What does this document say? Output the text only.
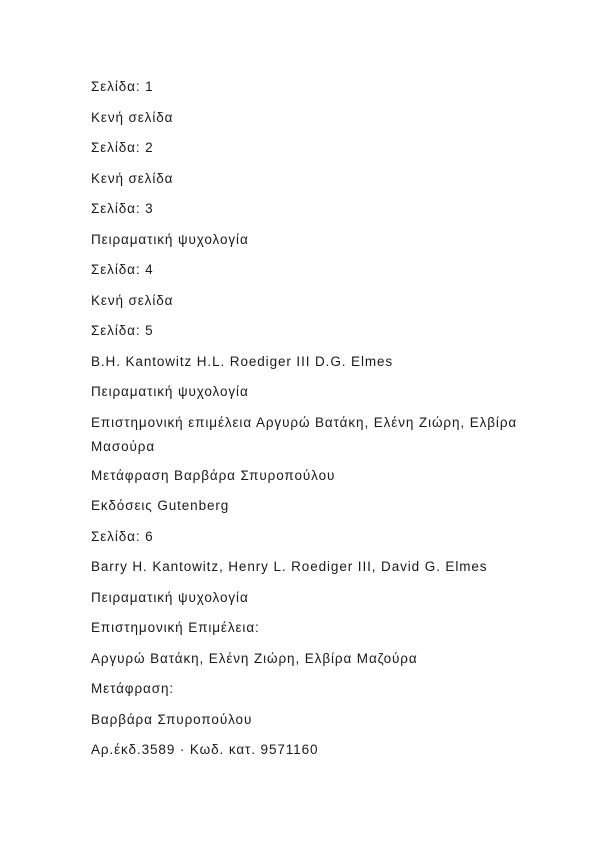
Σελίδα: 1

Κενή σελίδα

Σελίδα: 2

Κενή σελίδα

Σελίδα: 3

Πειραματική ψυχολογία

Σελίδα: 4

Κενή σελίδα

Σελίδα: 5

B.H. Kantowitz H.L. Roediger III D.G. Elmes

Πειραματική ψυχολογία

Επιστημονική επιμέλεια Αργυρώ Βατάκη, Ελένη Ζιώρη, Ελβίρα Μασούρα

Μετάφραση Βαρβάρα Σπυροπούλου

Εκδόσεις Gutenberg

Σελίδα: 6

Barry H. Kantowitz, Henry L. Roediger III, David G. Elmes

Πειραματική ψυχολογία

Επιστημονική Επιμέλεια:

Αργυρώ Βατάκη, Ελένη Ζιώρη, Ελβίρα Μαζούρα

Μετάφραση:

Βαρβάρα Σπυροπούλου

Αρ.έκδ.3589 · Κωδ. κατ. 9571160
